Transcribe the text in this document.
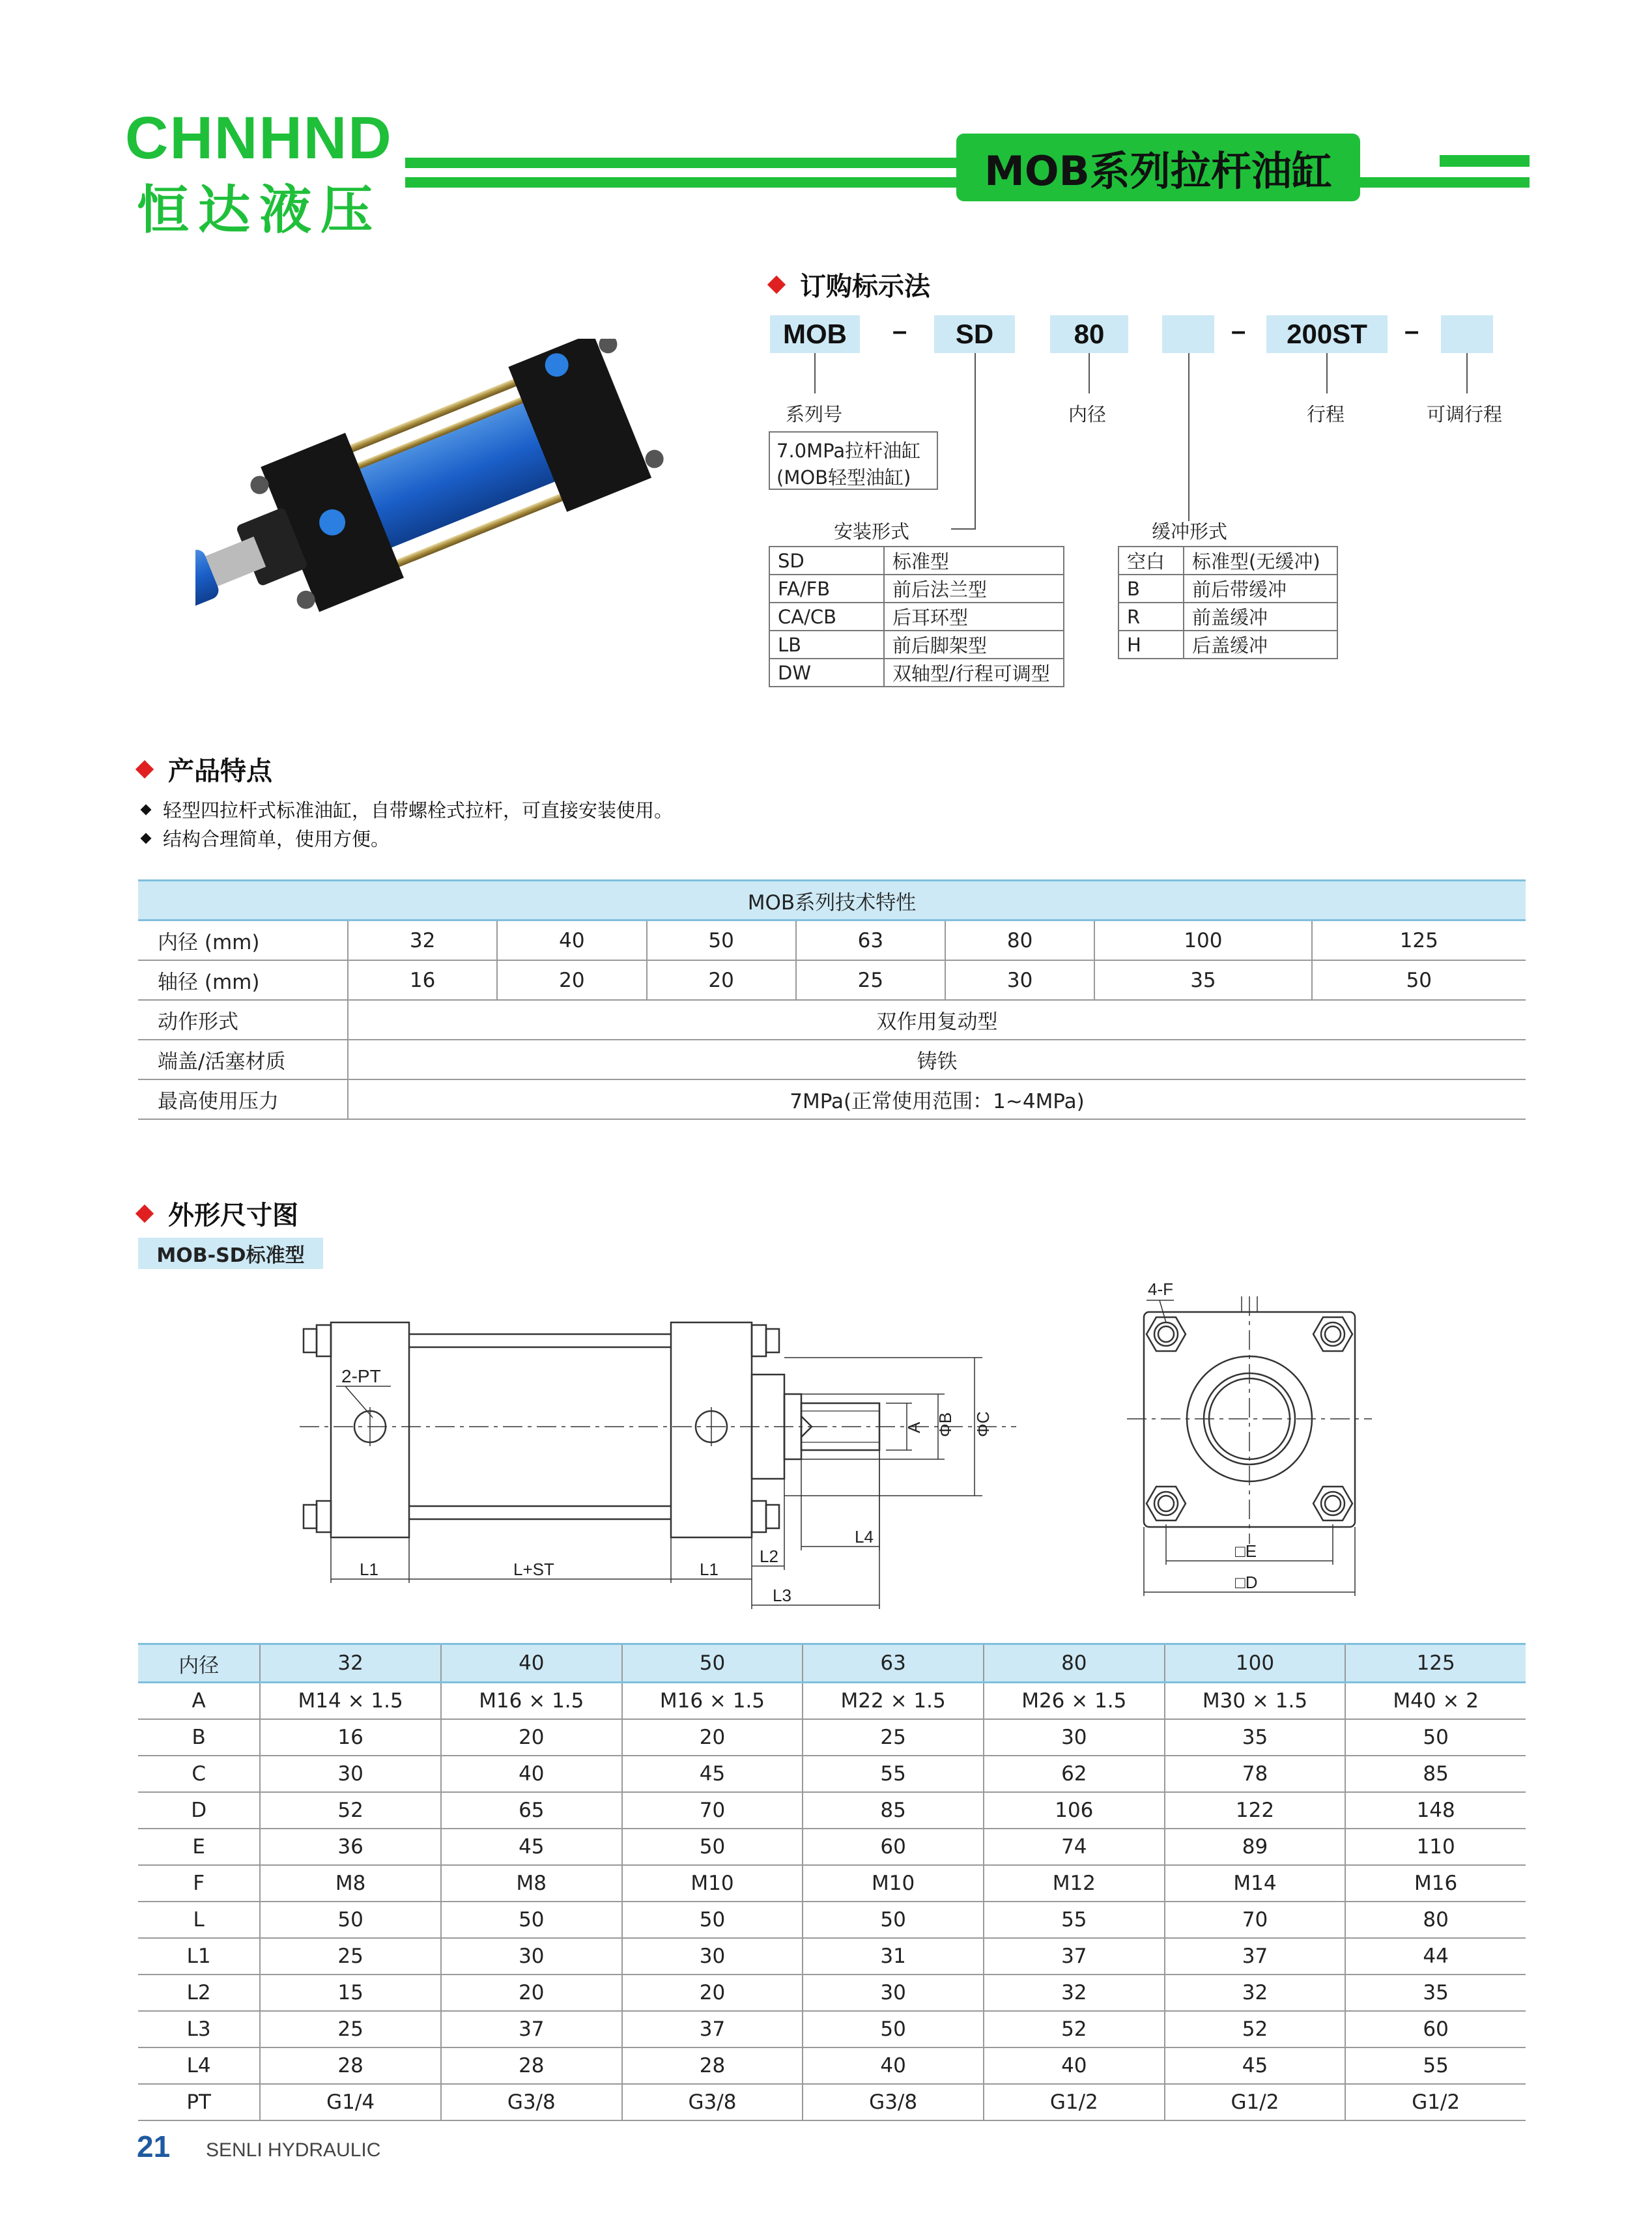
CHNHND
恒达液压
MOB系列拉杆油缸
订购标示法
MOB	–	SD	80	–	200ST	–
系列号	内径	行程	可调行程
7.0MPa拉杆油缸
(MOB轻型油缸)
安装形式	缓冲形式
SD	标准型
FA/FB	前后法兰型
CA/CB	后耳环型
LB	前后脚架型
DW	双轴型/行程可调型
空白	标准型(无缓冲)
B	前后带缓冲
R	前盖缓冲
H	后盖缓冲
产品特点
轻型四拉杆式标准油缸，自带螺栓式拉杆，可直接安装使用。
结构合理简单，使用方便。
MOB系列技术特性							
内径 (mm)	32	40	50	63	80	100	125
轴径 (mm)	16	20	20	25	30	35	50
动作形式	双作用复动型						
端盖/活塞材质	铸铁						
最高使用压力	7MPa(正常使用范围：1~4MPa)						
外形尺寸图
MOB-SD标准型
2-PT
A ΦB ΦC
L1	L+ST	L1
L2
L3
L4
4-F
□E
□D
内径	32	40	50	63	80	100	125
A	M14 × 1.5	M16 × 1.5	M16 × 1.5	M22 × 1.5	M26 × 1.5	M30 × 1.5	M40 × 2
B	16	20	20	25	30	35	50
C	30	40	45	55	62	78	85
D	52	65	70	85	106	122	148
E	36	45	50	60	74	89	110
F	M8	M8	M10	M10	M12	M14	M16
L	50	50	50	50	55	70	80
L1	25	30	30	31	37	37	44
L2	15	20	20	30	32	32	35
L3	25	37	37	50	52	52	60
L4	28	28	28	40	40	45	55
PT	G1/4	G3/8	G3/8	G3/8	G1/2	G1/2	G1/2
21 SENLI HYDRAULIC
